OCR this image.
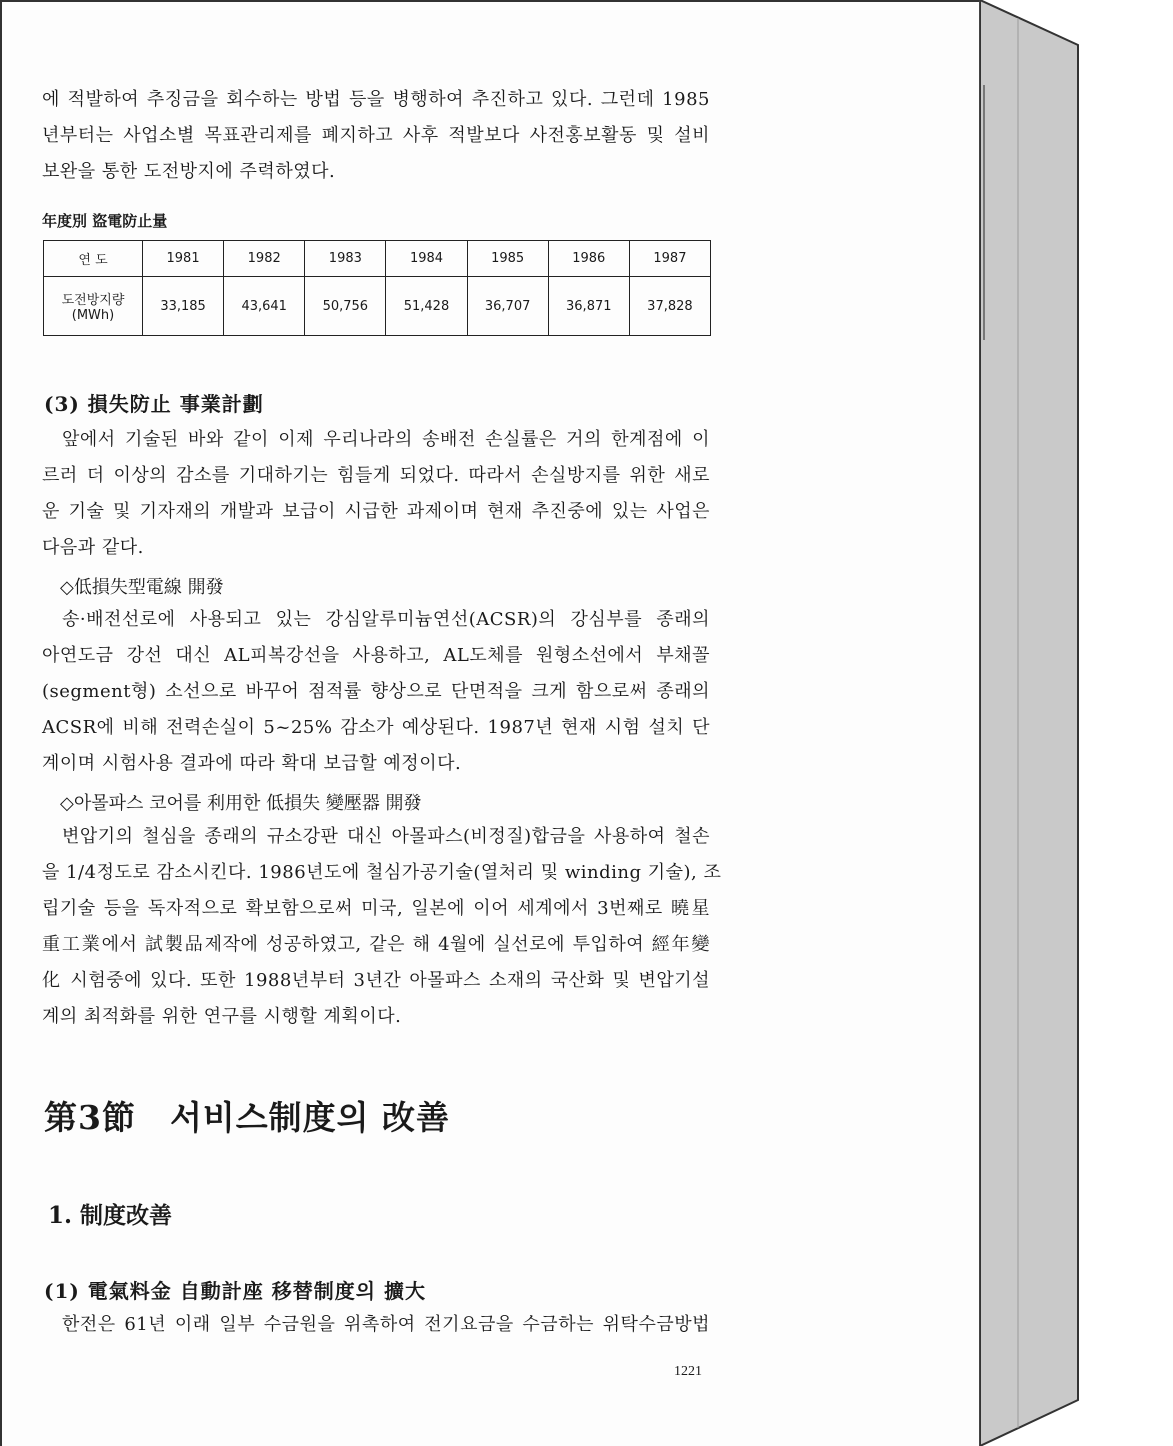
에 적발하여 추징금을 회수하는 방법 등을 병행하여 추진하고 있다. 그런데 1985
년부터는 사업소별 목표관리제를 폐지하고 사후 적발보다 사전홍보활동 및 설비
보완을 통한 도전방지에 주력하였다.
年度別 盜電防止量
연 도	1981	1982	1983	1984	1985	1986	1987

도전방지량
(MWh)	33,185	43,641	50,756	51,428	36,707	36,871	37,828
(3) 損失防止 事業計劃
앞에서 기술된 바와 같이 이제 우리나라의 송배전 손실률은 거의 한계점에 이
르러 더 이상의 감소를 기대하기는 힘들게 되었다. 따라서 손실방지를 위한 새로
운 기술 및 기자재의 개발과 보급이 시급한 과제이며 현재 추진중에 있는 사업은
다음과 같다.
◇低損失型電線 開發
송·배전선로에 사용되고 있는 강심알루미늄연선(ACSR)의 강심부를 종래의
아연도금 강선 대신 AL피복강선을 사용하고, AL도체를 원형소선에서 부채꼴
(segment형) 소선으로 바꾸어 점적률 향상으로 단면적을 크게 함으로써 종래의
ACSR에 비해 전력손실이 5~25% 감소가 예상된다. 1987년 현재 시험 설치 단
계이며 시험사용 결과에 따라 확대 보급할 예정이다.
◇아몰파스 코어를 利用한 低損失 變壓器 開發
변압기의 철심을 종래의 규소강판 대신 아몰파스(비정질)합금을 사용하여 철손
을 1/4정도로 감소시킨다. 1986년도에 철심가공기술(열처리 및 winding 기술), 조
립기술 등을 독자적으로 확보함으로써 미국, 일본에 이어 세계에서 3번째로 曉星
重工業에서 試製品제작에 성공하였고, 같은 해 4월에 실선로에 투입하여 經年變
化 시험중에 있다. 또한 1988년부터 3년간 아몰파스 소재의 국산화 및 변압기설
계의 최적화를 위한 연구를 시행할 계획이다.
第3節　서비스制度의 改善
1. 制度改善
(1) 電氣料金 自動計座 移替制度의 擴大
한전은 61년 이래 일부 수금원을 위촉하여 전기요금을 수금하는 위탁수금방법
1221
